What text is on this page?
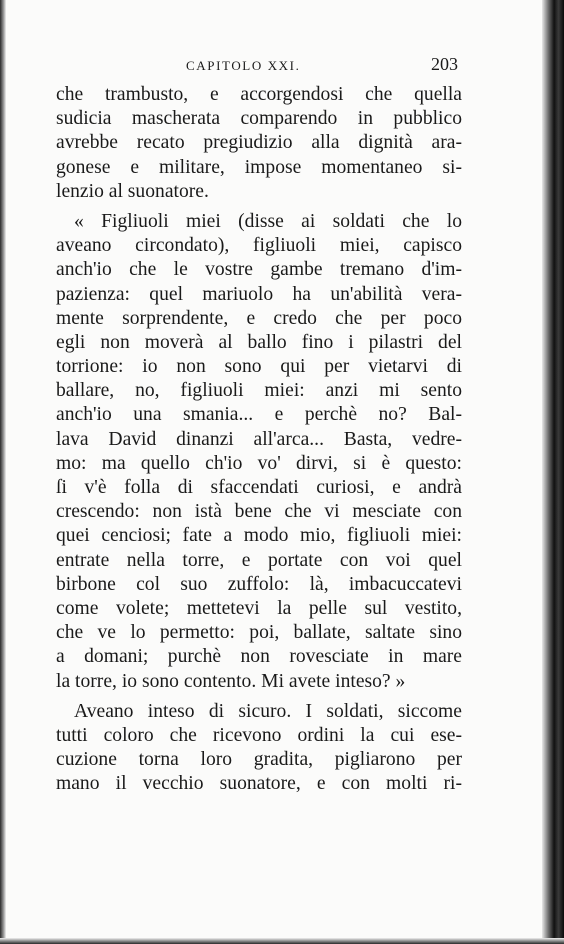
CAPITOLO XXI.	203
che trambusto, e accorgendosi che quella
sudicia mascherata comparendo in pubblico
avrebbe recato pregiudizio alla dignità ara-
gonese e militare, impose momentaneo si-
lenzio al suonatore.
« Figliuoli miei (disse ai soldati che lo
aveano circondato), figliuoli miei, capisco
anch'io che le vostre gambe tremano d'im-
pazienza: quel mariuolo ha un'abilità vera-
mente sorprendente, e credo che per poco
egli non moverà al ballo fino i pilastri del
torrione: io non sono qui per vietarvi di
ballare, no, figliuoli miei: anzi mi sento
anch'io una smania... e perchè no? Bal-
lava David dinanzi all'arca... Basta, vedre-
mo: ma quello ch'io vo' dirvi, si è questo:
ſi v'è folla di sfaccendati curiosi, e andrà
crescendo: non istà bene che vi mesciate con
quei cenciosi; fate a modo mio, figliuoli miei:
entrate nella torre, e portate con voi quel
birbone col suo zuffolo: là, imbacuccatevi
come volete; mettetevi la pelle sul vestito,
che ve lo permetto: poi, ballate, saltate sino
a domani; purchè non rovesciate in mare
la torre, io sono contento. Mi avete inteso? »
Aveano inteso di sicuro. I soldati, siccome
tutti coloro che ricevono ordini la cui ese-
cuzione torna loro gradita, pigliarono per
mano il vecchio suonatore, e con molti ri-
